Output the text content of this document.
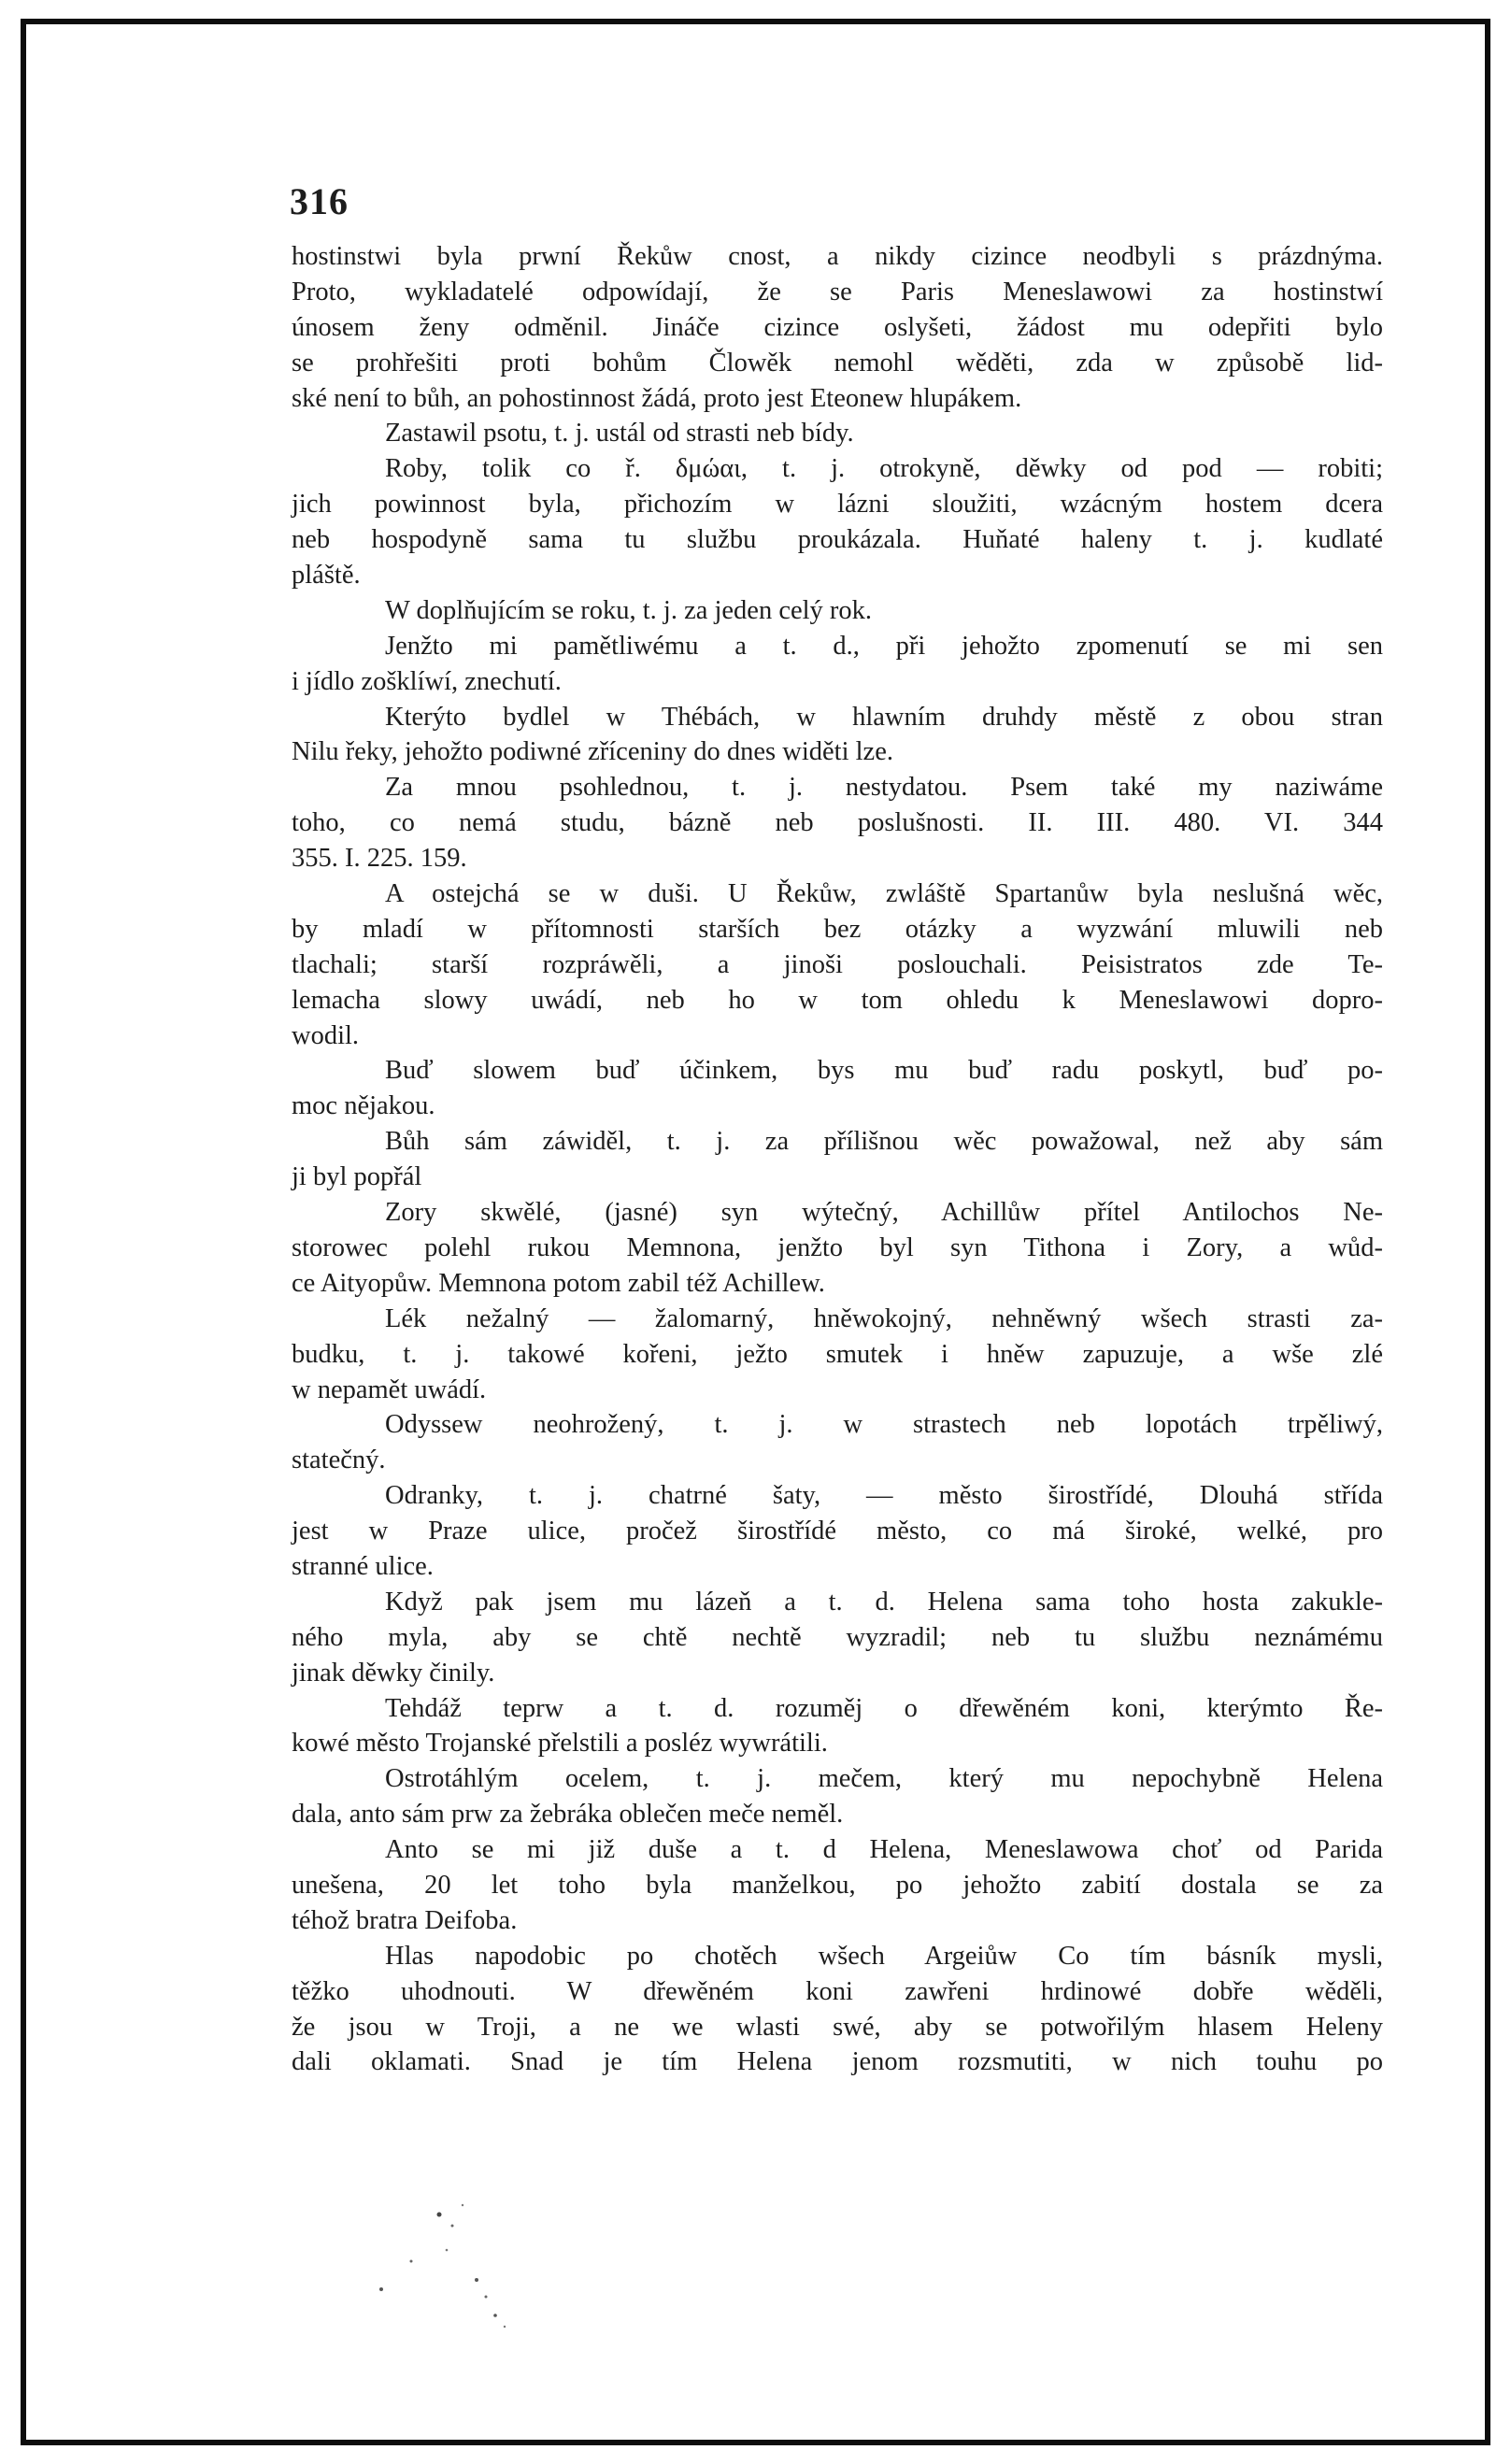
316
hostinstwi byla prwní Řekůw cnost, a nikdy cizince neodbyli s prázdnýma.
Proto, wykladatelé odpowídají, že se Paris Meneslawowi za hostinstwí
únosem ženy odměnil. Jináče cizince oslyšeti, žádost mu odepřiti bylo
se prohřešiti proti bohům Člowěk nemohl wěděti, zda w způsobě lid-
ské není to bůh, an pohostinnost žádá, proto jest Eteonew hlupákem.
Zastawil psotu, t. j. ustál od strasti neb bídy.
Roby, tolik co ř. δμώαι, t. j. otrokyně, děwky od pod — robiti;
jich powinnost byla, přichozím w lázni sloužiti, wzácným hostem dcera
neb hospodyně sama tu službu proukázala. Huňaté haleny t. j. kudlaté
pláště.
W doplňujícím se roku, t. j. za jeden celý rok.
Jenžto mi pamětliwému a t. d., při jehožto zpomenutí se mi sen
i jídlo zošklíwí, znechutí.
Kterýto bydlel w Thébách, w hlawním druhdy městě z obou stran
Nilu řeky, jehožto podiwné zříceniny do dnes widěti lze.
Za mnou psohlednou, t. j. nestydatou. Psem také my naziwáme
toho, co nemá studu, bázně neb poslušnosti. II. III. 480. VI. 344
355. I. 225. 159.
A ostejchá se w duši. U Řekůw, zwláště Spartanůw byla neslušná wěc,
by mladí w přítomnosti starších bez otázky a wyzwání mluwili neb
tlachali; starší rozpráwěli, a jinoši poslouchali. Peisistratos zde Te-
lemacha slowy uwádí, neb ho w tom ohledu k Meneslawowi dopro-
wodil.
Buď slowem buď účinkem, bys mu buď radu poskytl, buď po-
moc nějakou.
Bůh sám záwiděl, t. j. za přílišnou wěc powažowal, než aby sám
ji byl popřál
Zory skwělé, (jasné) syn wýtečný, Achillůw přítel Antilochos Ne-
storowec polehl rukou Memnona, jenžto byl syn Tithona i Zory, a wůd-
ce Aityopůw. Memnona potom zabil též Achillew.
Lék nežalný — žalomarný, hněwokojný, nehněwný wšech strasti za-
budku, t. j. takowé kořeni, ježto smutek i hněw zapuzuje, a wše zlé
w nepamět uwádí.
Odyssew neohrožený, t. j. w strastech neb lopotách trpěliwý,
statečný.
Odranky, t. j. chatrné šaty, — město širostřídé, Dlouhá střída
jest w Praze ulice, pročež širostřídé město, co má široké, welké, pro
stranné ulice.
Když pak jsem mu lázeň a t. d. Helena sama toho hosta zakukle-
ného myla, aby se chtě nechtě wyzradil; neb tu službu neznámému
jinak děwky činily.
Tehdáž teprw a t. d. rozuměj o dřewěném koni, kterýmto Ře-
kowé město Trojanské přelstili a posléz wywrátili.
Ostrotáhlým ocelem, t. j. mečem, který mu nepochybně Helena
dala, anto sám prw za žebráka oblečen meče neměl.
Anto se mi již duše a t. d Helena, Meneslawowa choť od Parida
unešena, 20 let toho byla manželkou, po jehožto zabití dostala se za
téhož bratra Deifoba.
Hlas napodobic po chotěch wšech Argeiůw Co tím básník mysli,
těžko uhodnouti. W dřewěném koni zawřeni hrdinowé dobře wěděli,
že jsou w Troji, a ne we wlasti swé, aby se potwořilým hlasem Heleny
dali oklamati. Snad je tím Helena jenom rozsmutiti, w nich touhu po
